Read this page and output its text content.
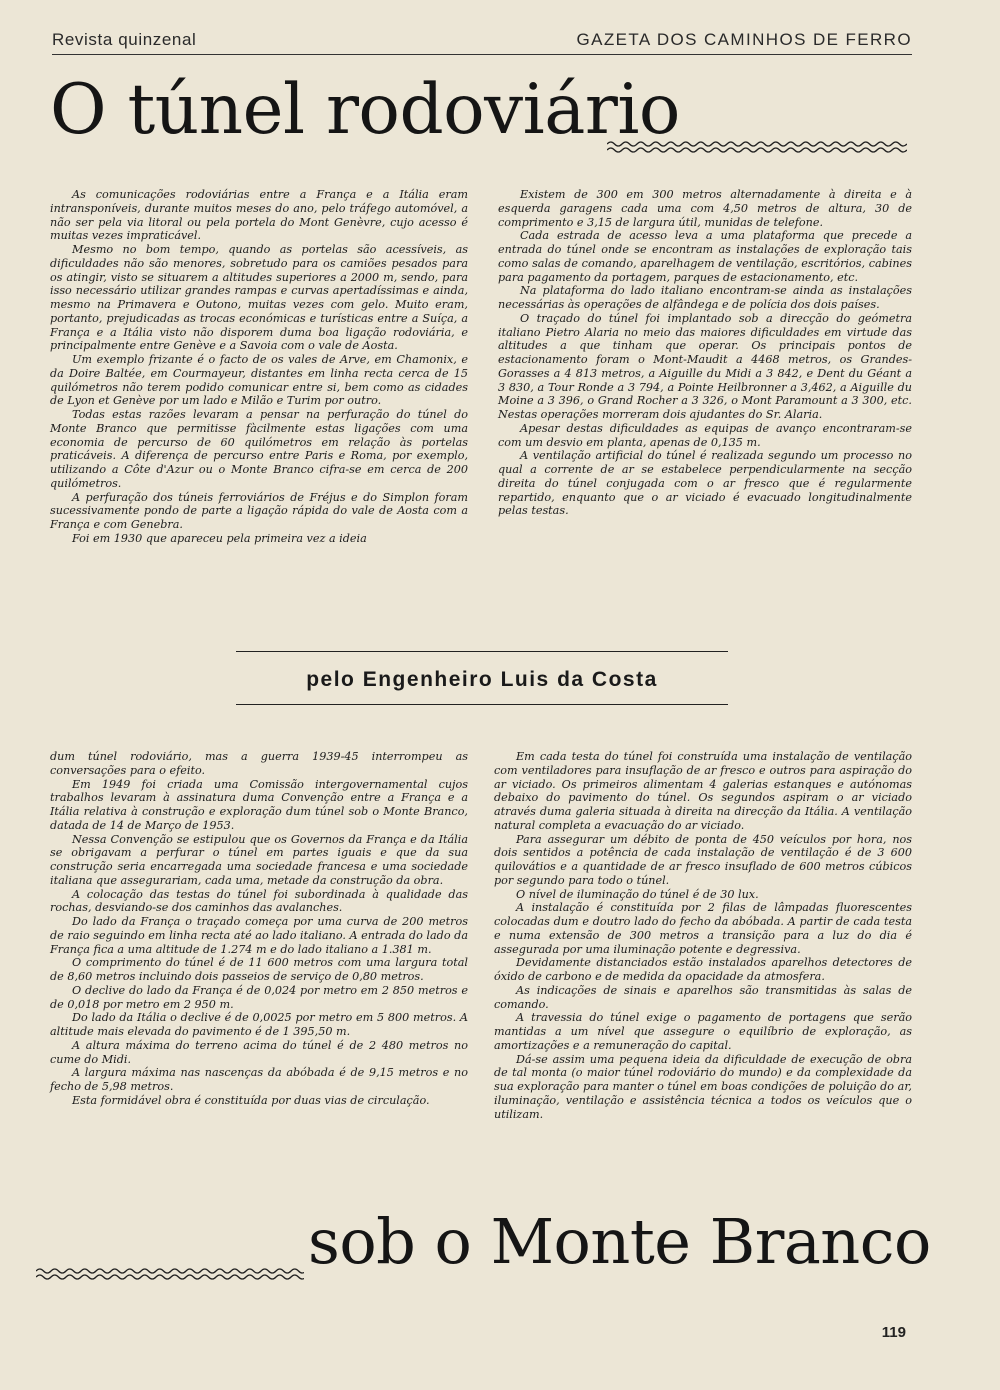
Revista quinzenal	GAZETA DOS CAMINHOS DE FERRO
O túnel rodoviário

As comunicações rodoviárias entre a França e a Itália eram intransponíveis, durante muitos meses do ano, pelo tráfego automóvel, a não ser pela via litoral ou pela portela do Mont Genèvre, cujo acesso é muitas vezes impraticável.

Mesmo no bom tempo, quando as portelas são acessíveis, as dificuldades não são menores, sobretudo para os camiões pesados para os atingir, visto se situarem a altitudes superiores a 2000 m, sendo, para isso necessário utilizar grandes rampas e curvas apertadíssimas e ainda, mesmo na Primavera e Outono, muitas vezes com gelo. Muito eram, portanto, prejudicadas as trocas económicas e turísticas entre a Suíça, a França e a Itália visto não disporem duma boa ligação rodoviária, e principalmente entre Genève e a Savoia com o vale de Aosta.

Um exemplo frizante é o facto de os vales de Arve, em Chamonix, e da Doire Baltée, em Courmayeur, distantes em linha recta cerca de 15 quilómetros não terem podido comunicar entre si, bem como as cidades de Lyon et Genève por um lado e Milão e Turim por outro.

Todas estas razões levaram a pensar na perfuração do túnel do Monte Branco que permitisse fàcilmente estas ligações com uma economia de percurso de 60 quilómetros em relação às portelas praticáveis. A diferença de percurso entre Paris e Roma, por exemplo, utilizando a Côte d'Azur ou o Monte Branco cifra-se em cerca de 200 quilómetros.

A perfuração dos túneis ferroviários de Fréjus e do Simplon foram sucessivamente pondo de parte a ligação rápida do vale de Aosta com a França e com Genebra.

Foi em 1930 que apareceu pela primeira vez a ideia

Existem de 300 em 300 metros alternadamente à direita e à esquerda garagens cada uma com 4,50 metros de altura, 30 de comprimento e 3,15 de largura útil, munidas de telefone.

Cada estrada de acesso leva a uma plataforma que precede a entrada do túnel onde se encontram as instalações de exploração tais como salas de comando, aparelhagem de ventilação, escritórios, cabines para pagamento da portagem, parques de estacionamento, etc.

Na plataforma do lado italiano encontram-se ainda as instalações necessárias às operações de alfândega e de polícia dos dois países.

O traçado do túnel foi implantado sob a direcção do geómetra italiano Pietro Alaria no meio das maiores dificuldades em virtude das altitudes a que tinham que operar. Os principais pontos de estacionamento foram o Mont-Maudit a 4468 metros, os Grandes-Gorasses a 4 813 metros, a Aiguille du Midi a 3 842, e Dent du Géant a 3 830, a Tour Ronde a 3 794, a Pointe Heilbronner a 3,462, a Aiguille du Moine a 3 396, o Grand Rocher a 3 326, o Mont Paramount a 3 300, etc. Nestas operações morreram dois ajudantes do Sr. Alaria.

Apesar destas dificuldades as equipas de avanço encontraram-se com um desvio em planta, apenas de 0,135 m.

A ventilação artificial do túnel é realizada segundo um processo no qual a corrente de ar se estabelece perpendicularmente na secção direita do túnel conjugada com o ar fresco que é regularmente repartido, enquanto que o ar viciado é evacuado longitudinalmente pelas testas.

pelo Engenheiro Luis da Costa

dum túnel rodoviário, mas a guerra 1939-45 interrompeu as conversações para o efeito.

Em 1949 foi criada uma Comissão intergovernamental cujos trabalhos levaram à assinatura duma Convenção entre a França e a Itália relativa à construção e exploração dum túnel sob o Monte Branco, datada de 14 de Março de 1953.

Nessa Convenção se estipulou que os Governos da França e da Itália se obrigavam a perfurar o túnel em partes iguais e que da sua construção seria encarregada uma sociedade francesa e uma sociedade italiana que assegurariam, cada uma, metade da construção da obra.

A colocação das testas do túnel foi subordinada à qualidade das rochas, desviando-se dos caminhos das avalanches.

Do lado da França o traçado começa por uma curva de 200 metros de raio seguindo em linha recta até ao lado italiano. A entrada do lado da França fica a uma altitude de 1.274 m e do lado italiano a 1.381 m.

O comprimento do túnel é de 11 600 metros com uma largura total de 8,60 metros incluindo dois passeios de serviço de 0,80 metros.

O declive do lado da França é de 0,024 por metro em 2 850 metros e de 0,018 por metro em 2 950 m.

Do lado da Itália o declive é de 0,0025 por metro em 5 800 metros. A altitude mais elevada do pavimento é de 1 395,50 m.

A altura máxima do terreno acima do túnel é de 2 480 metros no cume do Midi.

A largura máxima nas nascenças da abóbada é de 9,15 metros e no fecho de 5,98 metros.

Esta formidável obra é constituída por duas vias de circulação.

Em cada testa do túnel foi construída uma instalação de ventilação com ventiladores para insuflação de ar fresco e outros para aspiração do ar viciado. Os primeiros alimentam 4 galerias estanques e autónomas debaixo do pavimento do túnel. Os segundos aspiram o ar viciado através duma galeria situada à direita na direcção da Itália. A ventilação natural completa a evacuação do ar viciado.

Para assegurar um débito de ponta de 450 veículos por hora, nos dois sentidos a potência de cada instalação de ventilação é de 3 600 quilovátios e a quantidade de ar fresco insuflado de 600 metros cúbicos por segundo para todo o túnel.

O nível de iluminação do túnel é de 30 lux.

A instalação é constituída por 2 filas de lâmpadas fluorescentes colocadas dum e doutro lado do fecho da abóbada. A partir de cada testa e numa extensão de 300 metros a transição para a luz do dia é assegurada por uma iluminação potente e degressiva.

Devidamente distanciados estão instalados aparelhos detectores de óxido de carbono e de medida da opacidade da atmosfera.

As indicações de sinais e aparelhos são transmitidas às salas de comando.

A travessia do túnel exige o pagamento de portagens que serão mantidas a um nível que assegure o equilíbrio de exploração, as amortizações e a remuneração do capital.

Dá-se assim uma pequena ideia da dificuldade de execução de obra de tal monta (o maior túnel rodoviário do mundo) e da complexidade da sua exploração para manter o túnel em boas condições de poluição do ar, iluminação, ventilação e assistência técnica a todos os veículos que o utilizam.

sob o Monte Branco
119
